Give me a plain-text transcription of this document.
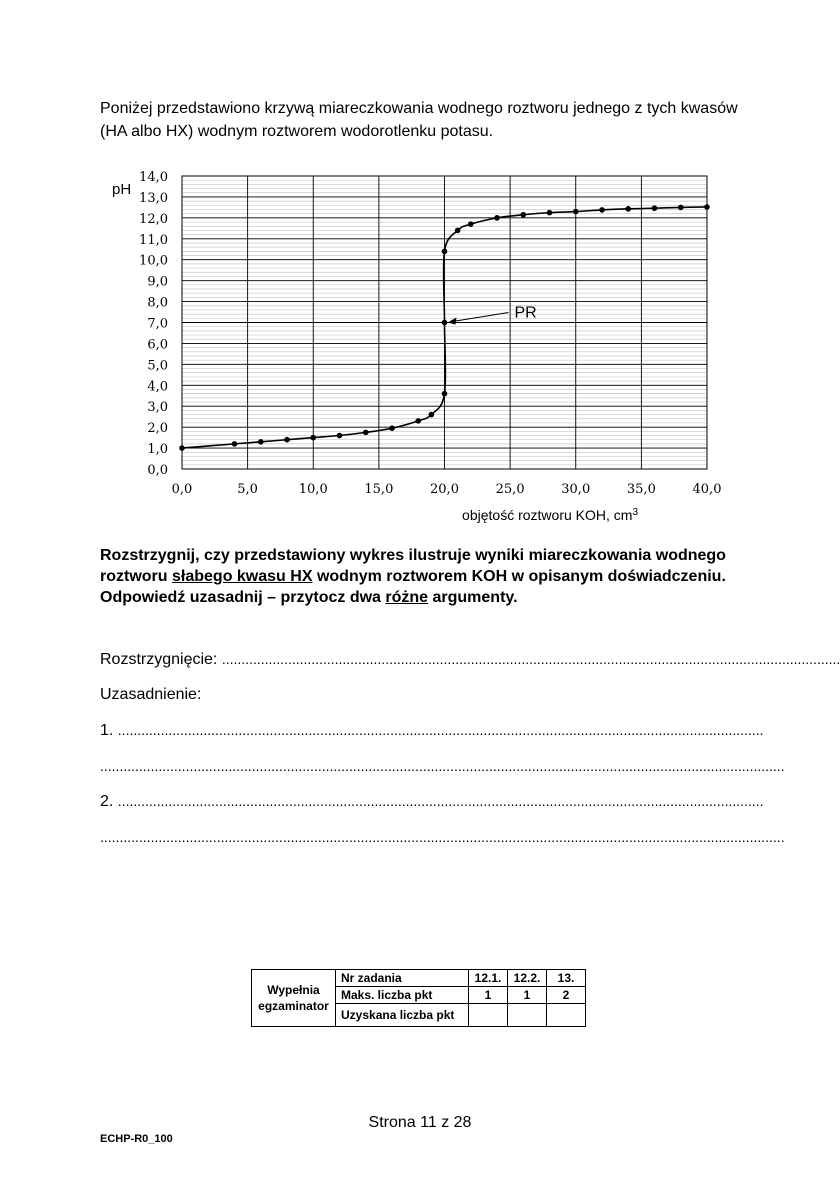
Poniżej przedstawiono krzywą miareczkowania wodnego roztworu jednego z tych kwasów
(HA albo HX) wodnym roztworem wodorotlenku potasu.
0,0
1,0
2,0
3,0
4,0
5,0
6,0
7,0
8,0
9,0
10,0
11,0
12,0
13,0
14,0
0,0	5,0	10,0	15,0	20,0	25,0	30,0	35,0	40,0
PR
pH
objętość roztworu KOH, $cm^3$
Rozstrzygnij, czy przedstawiony wykres ilustruje wyniki miareczkowania wodnego roztworu słabego kwasu HX wodnym roztworem KOH w opisanym doświadczeniu. Odpowiedź uzasadnij – przytocz dwa różne argumenty.
Rozstrzygnięcie: ...............................................................................................................................................................
Uzasadnienie:
1. ......................................................................................................................................................................
................................................................................................................................................................................
2. ......................................................................................................................................................................
................................................................................................................................................................................
Wypełnia egzaminator	Nr zadania	12.1.	12.2.	13.
	Maks. liczba pkt	1	1	2
	Uzyskana liczba pkt			
Strona 11 z 28
ECHP-R0_100
